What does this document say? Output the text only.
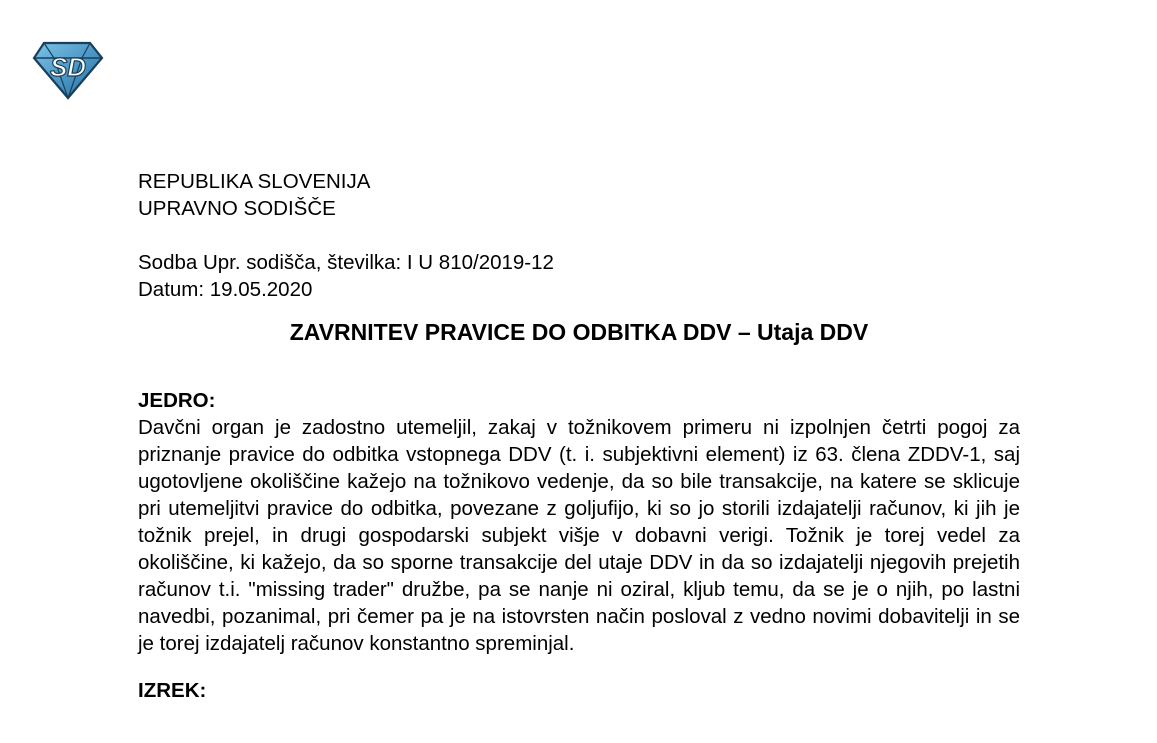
SD
REPUBLIKA SLOVENIJA
UPRAVNO SODIŠČE
Sodba Upr. sodišča, številka: I U 810/2019-12
Datum: 19.05.2020
ZAVRNITEV PRAVICE DO ODBITKA DDV – Utaja DDV
JEDRO:
Davčni organ je zadostno utemeljil, zakaj v tožnikovem primeru ni izpolnjen četrti pogoj za priznanje pravice do odbitka vstopnega DDV (t. i. subjektivni element) iz 63. člena ZDDV-1, saj ugotovljene okoliščine kažejo na tožnikovo vedenje, da so bile transakcije, na katere se sklicuje pri utemeljitvi pravice do odbitka, povezane z goljufijo, ki so jo storili izdajatelji računov, ki jih je tožnik prejel, in drugi gospodarski subjekt višje v dobavni verigi. Tožnik je torej vedel za okoliščine, ki kažejo, da so sporne transakcije del utaje DDV in da so izdajatelji njegovih prejetih računov t.i. "missing trader" družbe, pa se nanje ni oziral, kljub temu, da se je o njih, po lastni navedbi, pozanimal, pri čemer pa je na istovrsten način posloval z vedno novimi dobavitelji in se je torej izdajatelj računov konstantno spreminjal.
IZREK:
